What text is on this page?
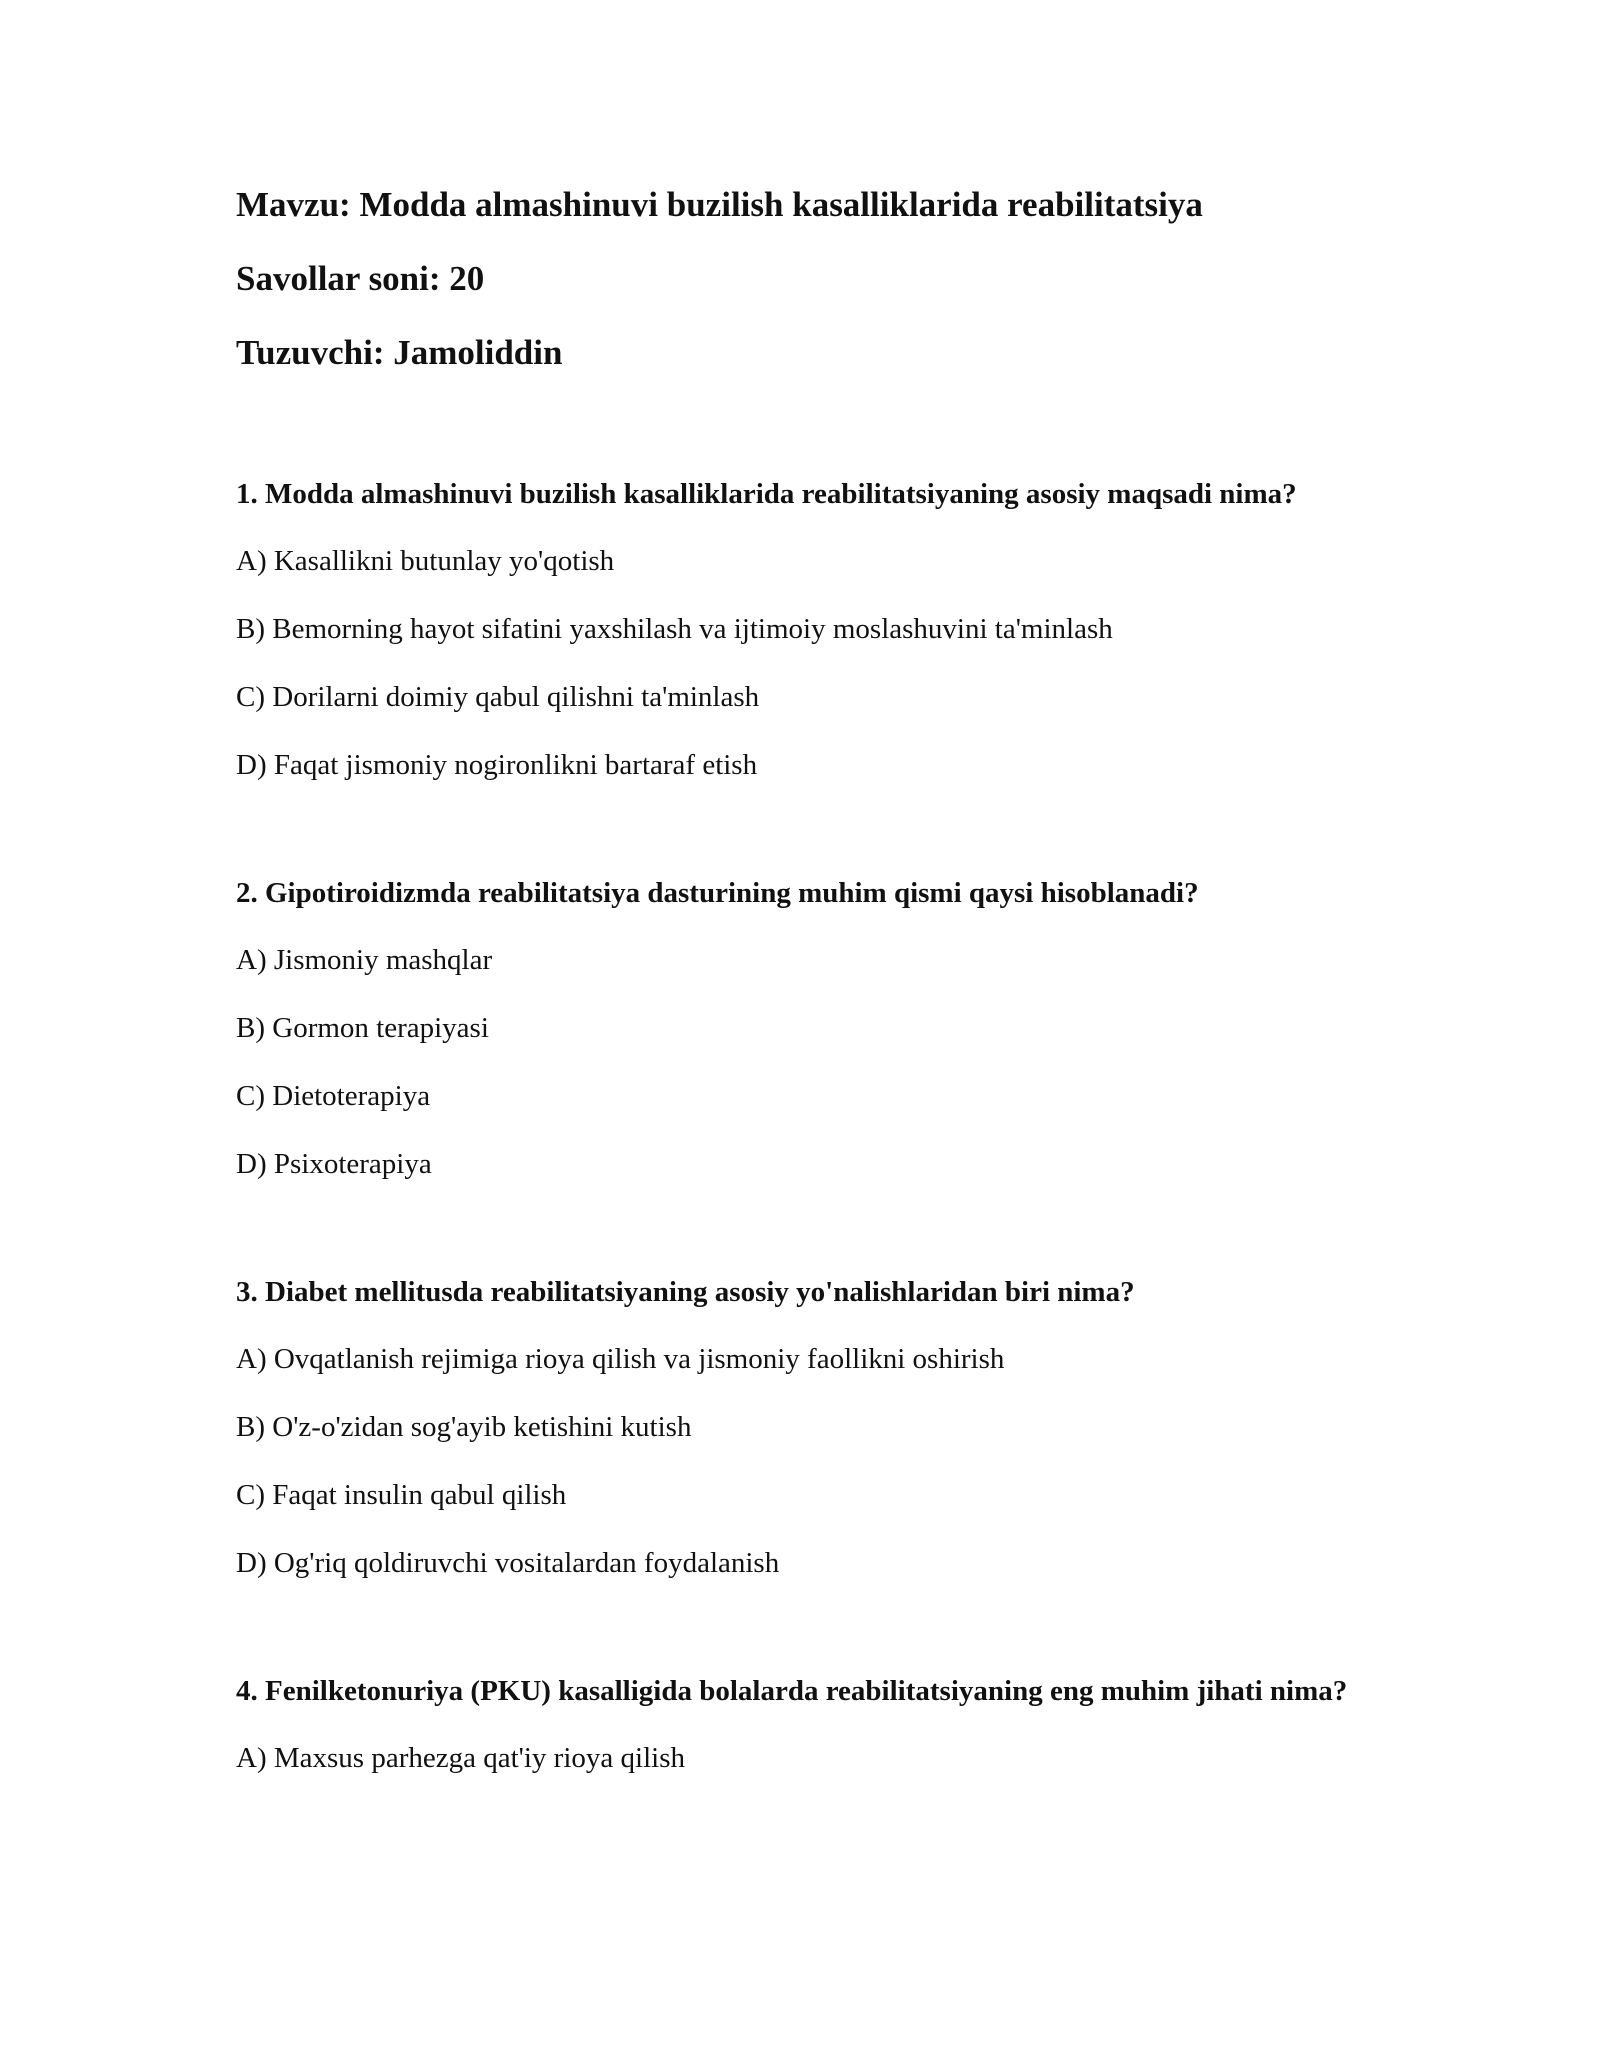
Mavzu: Modda almashinuvi buzilish kasalliklarida reabilitatsiya
Savollar soni: 20
Tuzuvchi: Jamoliddin
1. Modda almashinuvi buzilish kasalliklarida reabilitatsiyaning asosiy maqsadi nima?
A) Kasallikni butunlay yo'qotish
B) Bemorning hayot sifatini yaxshilash va ijtimoiy moslashuvini ta'minlash
C) Dorilarni doimiy qabul qilishni ta'minlash
D) Faqat jismoniy nogironlikni bartaraf etish
2. Gipotiroidizmda reabilitatsiya dasturining muhim qismi qaysi hisoblanadi?
A) Jismoniy mashqlar
B) Gormon terapiyasi
C) Dietoterapiya
D) Psixoterapiya
3. Diabet mellitusda reabilitatsiyaning asosiy yo'nalishlaridan biri nima?
A) Ovqatlanish rejimiga rioya qilish va jismoniy faollikni oshirish
B) O'z-o'zidan sog'ayib ketishini kutish
C) Faqat insulin qabul qilish
D) Og'riq qoldiruvchi vositalardan foydalanish
4. Fenilketonuriya (PKU) kasalligida bolalarda reabilitatsiyaning eng muhim jihati nima?
A) Maxsus parhezga qat'iy rioya qilish
